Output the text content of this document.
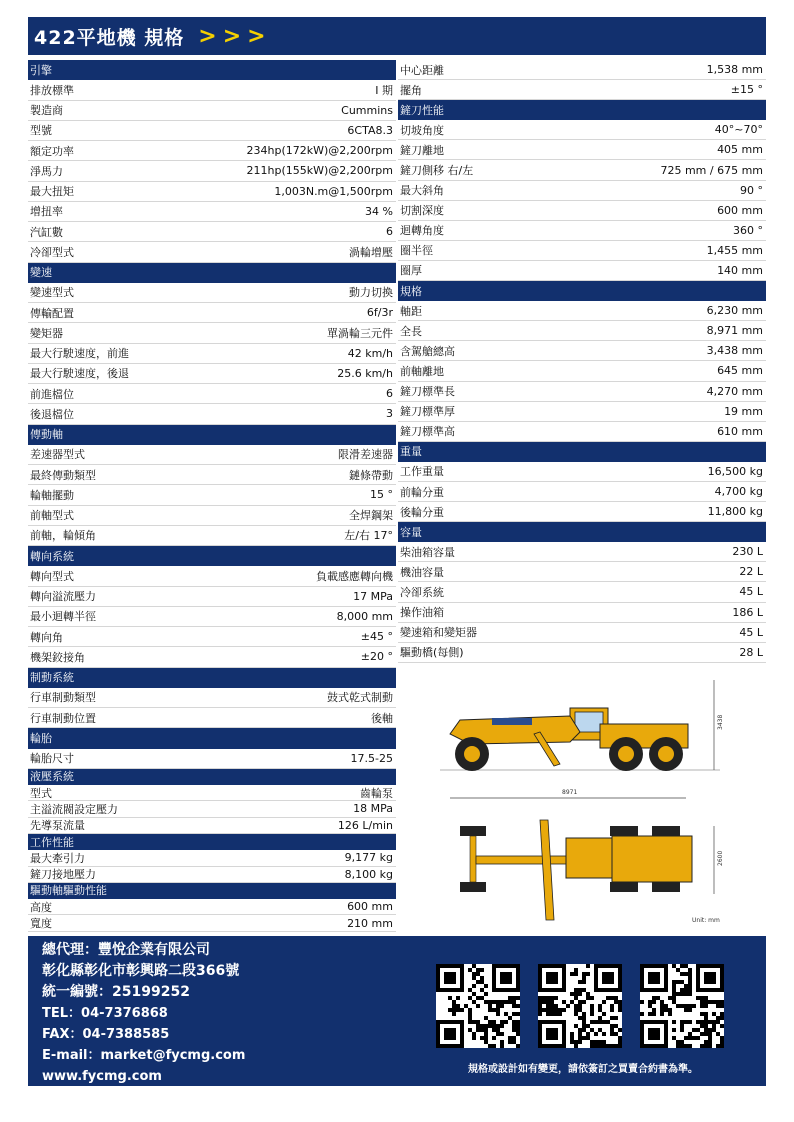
422平地機 規格 >>>
引擎
排放標準	I 期
製造商	Cummins
型號	6CTA8.3
額定功率	234hp(172kW)@2,200rpm
淨馬力	211hp(155kW)@2,200rpm
最大扭矩	1,003N.m@1,500rpm
增扭率	34 %
汽缸數	6
冷卻型式	渦輪增壓
變速
變速型式	動力切換
傳輸配置	6f/3r
變矩器	單渦輪三元件
最大行駛速度，前進	42 km/h
最大行駛速度，後退	25.6 km/h
前進檔位	6
後退檔位	3
傳動軸
差速器型式	限滑差速器
最終傳動類型	鏈條帶動
輪軸擺動	15 °
前軸型式	全焊鋼架
前軸，輪傾角	左/右 17°
轉向系統
轉向型式	負載感應轉向機
轉向溢流壓力	17 MPa
最小迴轉半徑	8,000 mm
轉向角	±45 °
機架鉸接角	±20 °
制動系統
行車制動類型	鼓式乾式制動
行車制動位置	後軸
輪胎
輪胎尺寸	17.5-25
液壓系統
型式	齒輪泵
主溢流閥設定壓力	18 MPa
先導泵流量	126 L/min
工作性能
最大牽引力	9,177 kg
鏟刀接地壓力	8,100 kg
驅動軸驅動性能
高度	600 mm
寬度	210 mm
中心距離	1,538 mm
擺角	±15 °
鏟刀性能
切坡角度	40°~70°
鏟刀離地	405 mm
鏟刀側移 右/左	725 mm / 675 mm
最大斜角	90 °
切割深度	600 mm
迴轉角度	360 °
圈半徑	1,455 mm
圈厚	140 mm
規格
軸距	6,230 mm
全長	8,971 mm
含駕艙總高	3,438 mm
前軸離地	645 mm
鏟刀標準長	4,270 mm
鏟刀標準厚	19 mm
鏟刀標準高	610 mm
重量
工作重量	16,500 kg
前輪分重	4,700 kg
後輪分重	11,800 kg
容量
柴油箱容量	230 L
機油容量	22 L
冷卻系統	45 L
操作油箱	186 L
變速箱和變矩器	45 L
驅動橋(每側)	28 L
3438
8971
2600
Unit: mm
總代理：豐悅企業有限公司
彰化縣彰化市彰興路二段366號
統一編號：25199252
TEL：04-7376868
FAX：04-7388585
E-mail：market@fycmg.com
www.fycmg.com	規格或設計如有變更，請依簽訂之買賣合約書為準。
